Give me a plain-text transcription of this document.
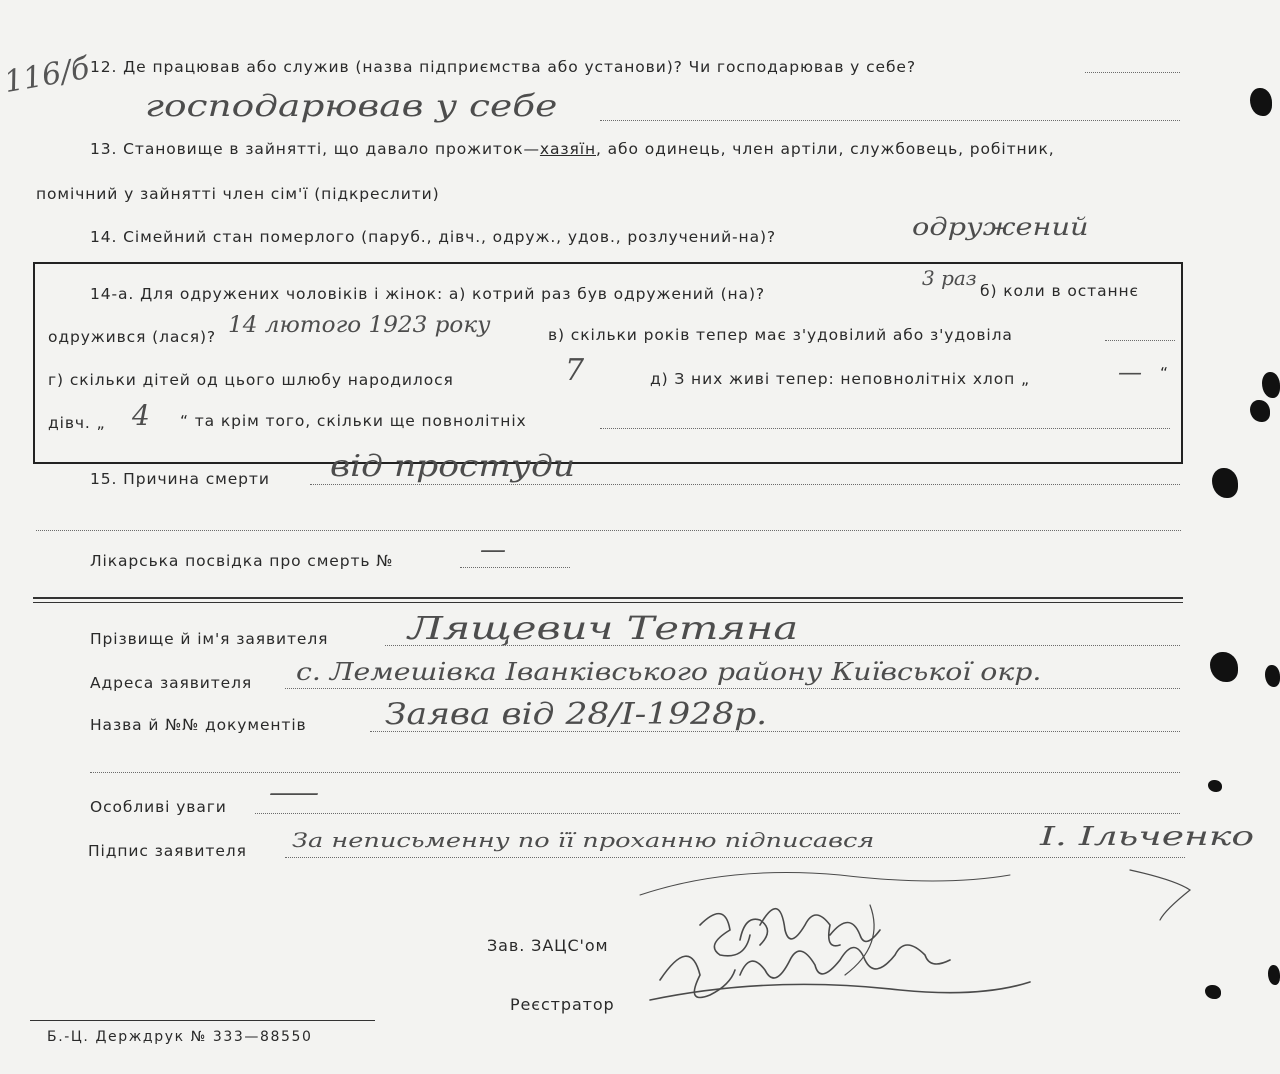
116/б
12. Де працював або служив (назва підприємства або установи)? Чи господарював у себе?
господарював у себе
13. Становище в зайнятті, що давало прожиток—хазяїн, або одинець, член артіли, службовець, робітник,
помічний у зайнятті член сім'ї (підкреслити)
14. Сімейний стан померлого (паруб., дівч., одруж., удов., розлучений-на)?	одружений
14-а. Для одружених чоловіків і жінок: а) котрий раз був одружений (на)?
3 раз
б) коли в останнє
одружився (лася)? 14 лютого 1923 року	в) скільки років тепер має з'удовілий або з'удовіла
г) скільки дітей од цього шлюбу народилося	7	д) З них живі тепер: неповнолітніх хлоп „	— “
дівч. „ 4 “ та крім того, скільки ще повнолітніх
15. Причина смерти від простуди
Лікарська посвідка про смерть №	—
Прізвище й ім'я заявителя Лящевич Тетяна
Адреса заявителя с. Лемешівка Іванківського району Київської окр.
Назва й №№ документів	Заява від 28/I-1928р.
Особливі уваги —
Підпис заявителя За неписьменну по її проханню підписався	І. Ільченко
Зав. ЗАЦС'ом
Реєстратор
Б.-Ц. Держдрук № 333—88550
